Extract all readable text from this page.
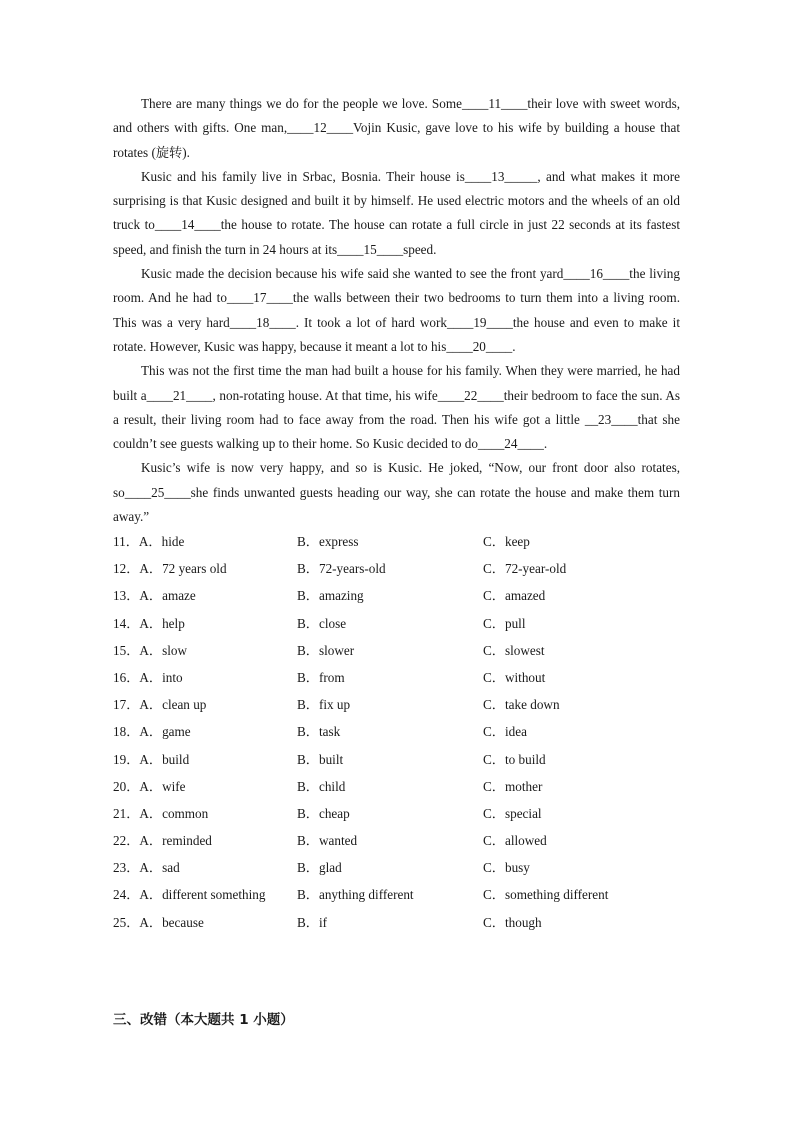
There are many things we do for the people we love. Some____11____their love with sweet words, and others with gifts. One man,____12____Vojin Kusic, gave love to his wife by building a house that rotates (旋转).

Kusic and his family live in Srbac, Bosnia. Their house is____13_____, and what makes it more surprising is that Kusic designed and built it by himself. He used electric motors and the wheels of an old truck to____14____the house to rotate. The house can rotate a full circle in just 22 seconds at its fastest speed, and finish the turn in 24 hours at its____15____speed.

Kusic made the decision because his wife said she wanted to see the front yard____16____the living room. And he had to____17____the walls between their two bedrooms to turn them into a living room. This was a very hard____18____. It took a lot of hard work____19____the house and even to make it rotate. However, Kusic was happy, because it meant a lot to his____20____.

This was not the first time the man had built a house for his family. When they were married, he had built a____21____, non-rotating house. At that time, his wife____22____their bedroom to face the sun. As a result, their living room had to face away from the road. Then his wife got a little __23____that she couldn’t see guests walking up to their home. So Kusic decided to do____24____.

Kusic’s wife is now very happy, and so is Kusic. He joked, “Now, our front door also rotates, so____25____she finds unwanted guests heading our way, she can rotate the house and make them turn away.”

11．A．hide	B．express	C．keep
12．A．72 years old	B．72-years-old	C．72-year-old
13．A．amaze	B．amazing	C．amazed
14．A．help	B．close	C．pull
15．A．slow	B．slower	C．slowest
16．A．into	B．from	C．without
17．A．clean up	B．fix up	C．take down
18．A．game	B．task	C．idea
19．A．build	B．built	C．to build
20．A．wife	B．child	C．mother
21．A．common	B．cheap	C．special
22．A．reminded	B．wanted	C．allowed
23．A．sad	B．glad	C．busy
24．A．different something B．anything different	C．something different
25．A．because	B．if	C．though
三、改错（本大题共 1 小题）
